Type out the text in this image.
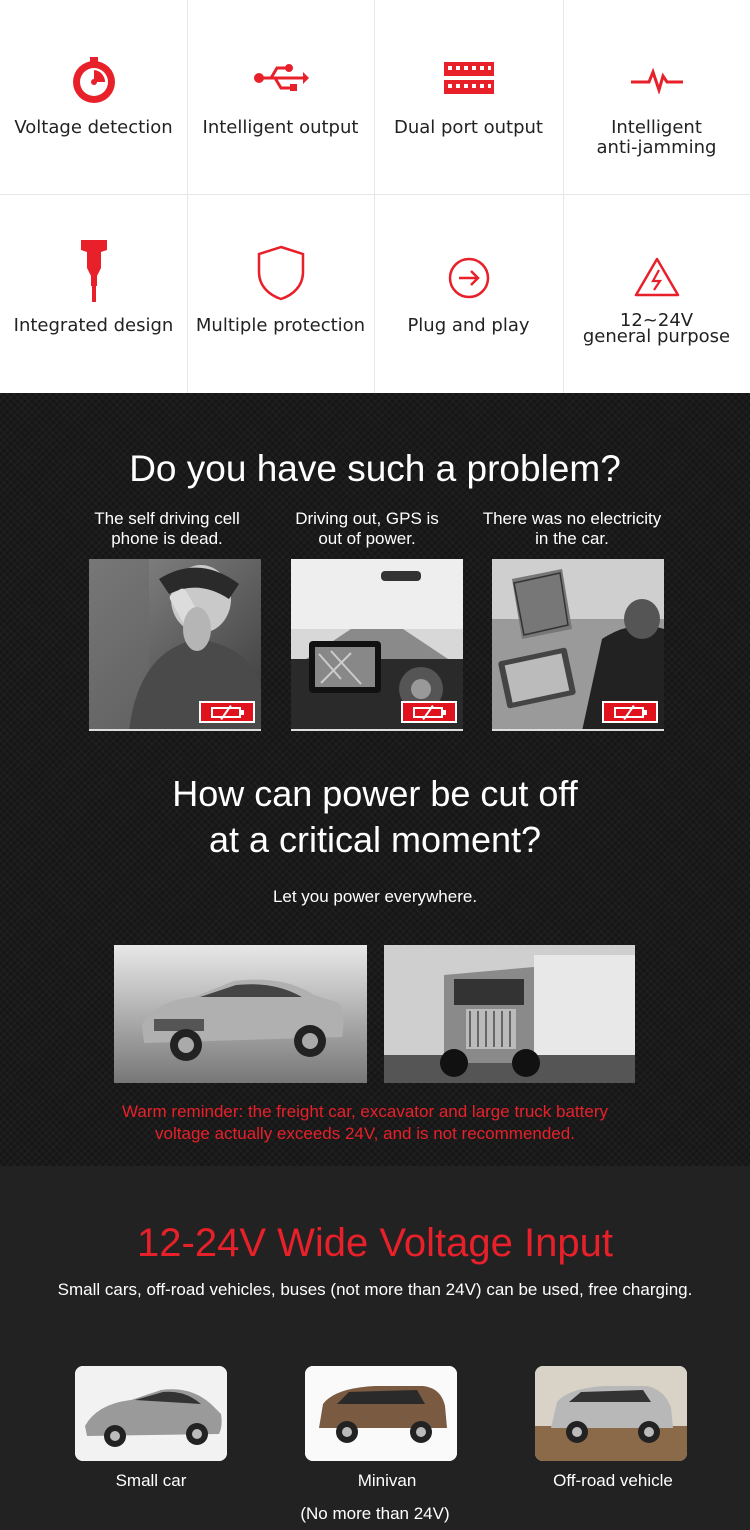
Voltage detection	Intelligent output	Dual port output	Intelligent
anti-jamming
Integrated design	Multiple protection	Plug and play	12~24V
general purpose
Do you have such a problem?
The self driving cell
phone is dead.
Driving out, GPS is
out of power.
There was no electricity
in the car.
How can power be cut off
at a critical moment?
Let you power everywhere.
Warm reminder: the freight car, excavator and large truck battery
voltage actually exceeds 24V, and is not recommended.
12-24V Wide Voltage Input
Small cars, off-road vehicles, buses (not more than 24V) can be used, free charging.
Small car	Minivan	Off-road vehicle
(No more than 24V)
